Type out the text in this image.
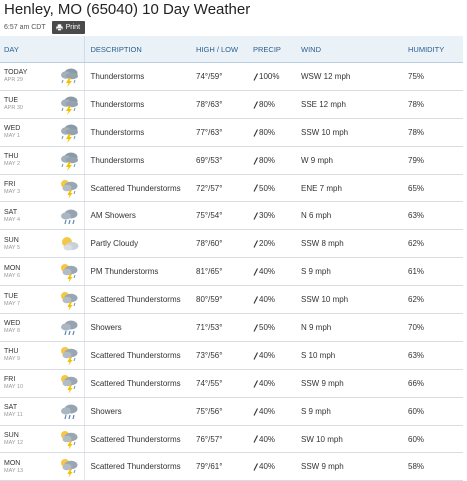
Henley, MO (65040) 10 Day Weather
6:57 am CDT	Print
DAY		DESCRIPTION	HIGH / LOW	PRECIP	WIND	HUMIDITY

TODAY
APR 29		Thunderstorms	74°/59°	100%	WSW 12 mph	75%

TUE
APR 30		Thunderstorms	78°/63°	80%	SSE 12 mph	78%

WED
MAY 1		Thunderstorms	77°/63°	80%	SSW 10 mph	78%

THU
MAY 2		Thunderstorms	69°/53°	80%	W 9 mph	79%

FRI
MAY 3		Scattered Thunderstorms	72°/57°	50%	ENE 7 mph	65%

SAT
MAY 4		AM Showers	75°/54°	30%	N 6 mph	63%

SUN
MAY 5		Partly Cloudy	78°/60°	20%	SSW 8 mph	62%

MON
MAY 6		PM Thunderstorms	81°/65°	40%	S 9 mph	61%

TUE
MAY 7		Scattered Thunderstorms	80°/59°	40%	SSW 10 mph	62%

WED
MAY 8		Showers	71°/53°	50%	N 9 mph	70%

THU
MAY 9		Scattered Thunderstorms	73°/56°	40%	S 10 mph	63%

FRI
MAY 10		Scattered Thunderstorms	74°/55°	40%	SSW 9 mph	66%

SAT
MAY 11		Showers	75°/56°	40%	S 9 mph	60%

SUN
MAY 12		Scattered Thunderstorms	76°/57°	40%	SW 10 mph	60%

MON
MAY 13		Scattered Thunderstorms	79°/61°	40%	SSW 9 mph	58%
